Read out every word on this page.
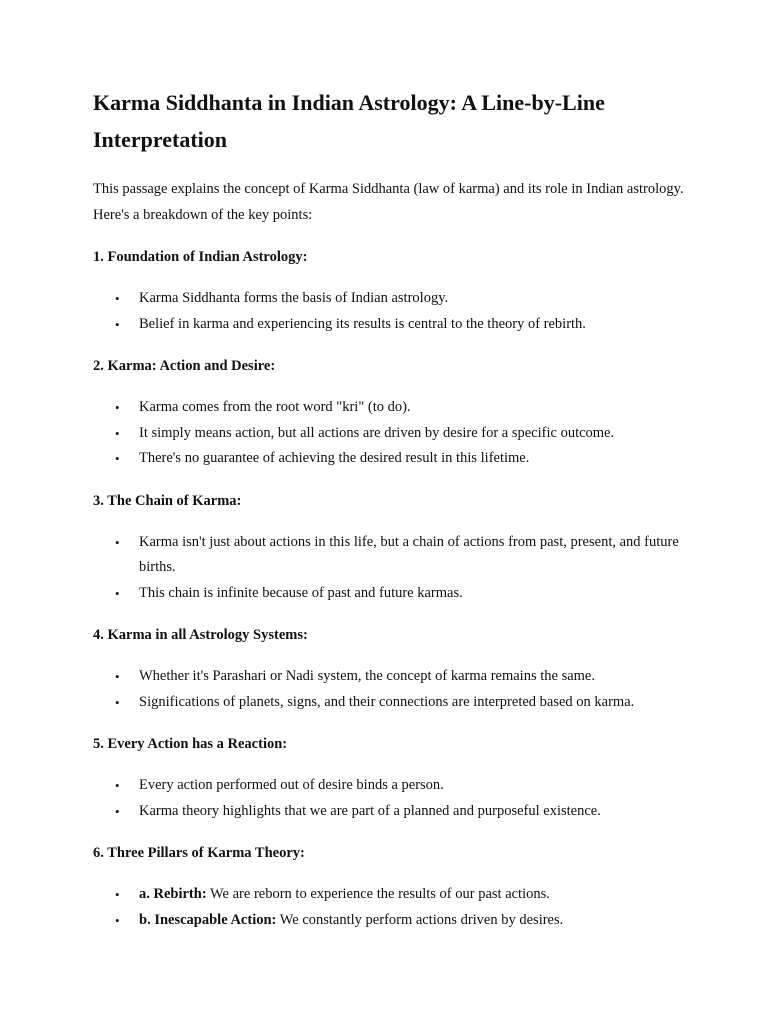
Karma Siddhanta in Indian Astrology: A Line-by-Line Interpretation

This passage explains the concept of Karma Siddhanta (law of karma) and its role in Indian astrology. Here's a breakdown of the key points:

1. Foundation of Indian Astrology:
• Karma Siddhanta forms the basis of Indian astrology.
• Belief in karma and experiencing its results is central to the theory of rebirth.
2. Karma: Action and Desire:
• Karma comes from the root word "kri" (to do).
• It simply means action, but all actions are driven by desire for a specific outcome.
• There's no guarantee of achieving the desired result in this lifetime.
3. The Chain of Karma:
• Karma isn't just about actions in this life, but a chain of actions from past, present, and future births.
• This chain is infinite because of past and future karmas.
4. Karma in all Astrology Systems:
• Whether it's Parashari or Nadi system, the concept of karma remains the same.
• Significations of planets, signs, and their connections are interpreted based on karma.
5. Every Action has a Reaction:
• Every action performed out of desire binds a person.
• Karma theory highlights that we are part of a planned and purposeful existence.
6. Three Pillars of Karma Theory:
• a. Rebirth: We are reborn to experience the results of our past actions.
• b. Inescapable Action: We constantly perform actions driven by desires.
